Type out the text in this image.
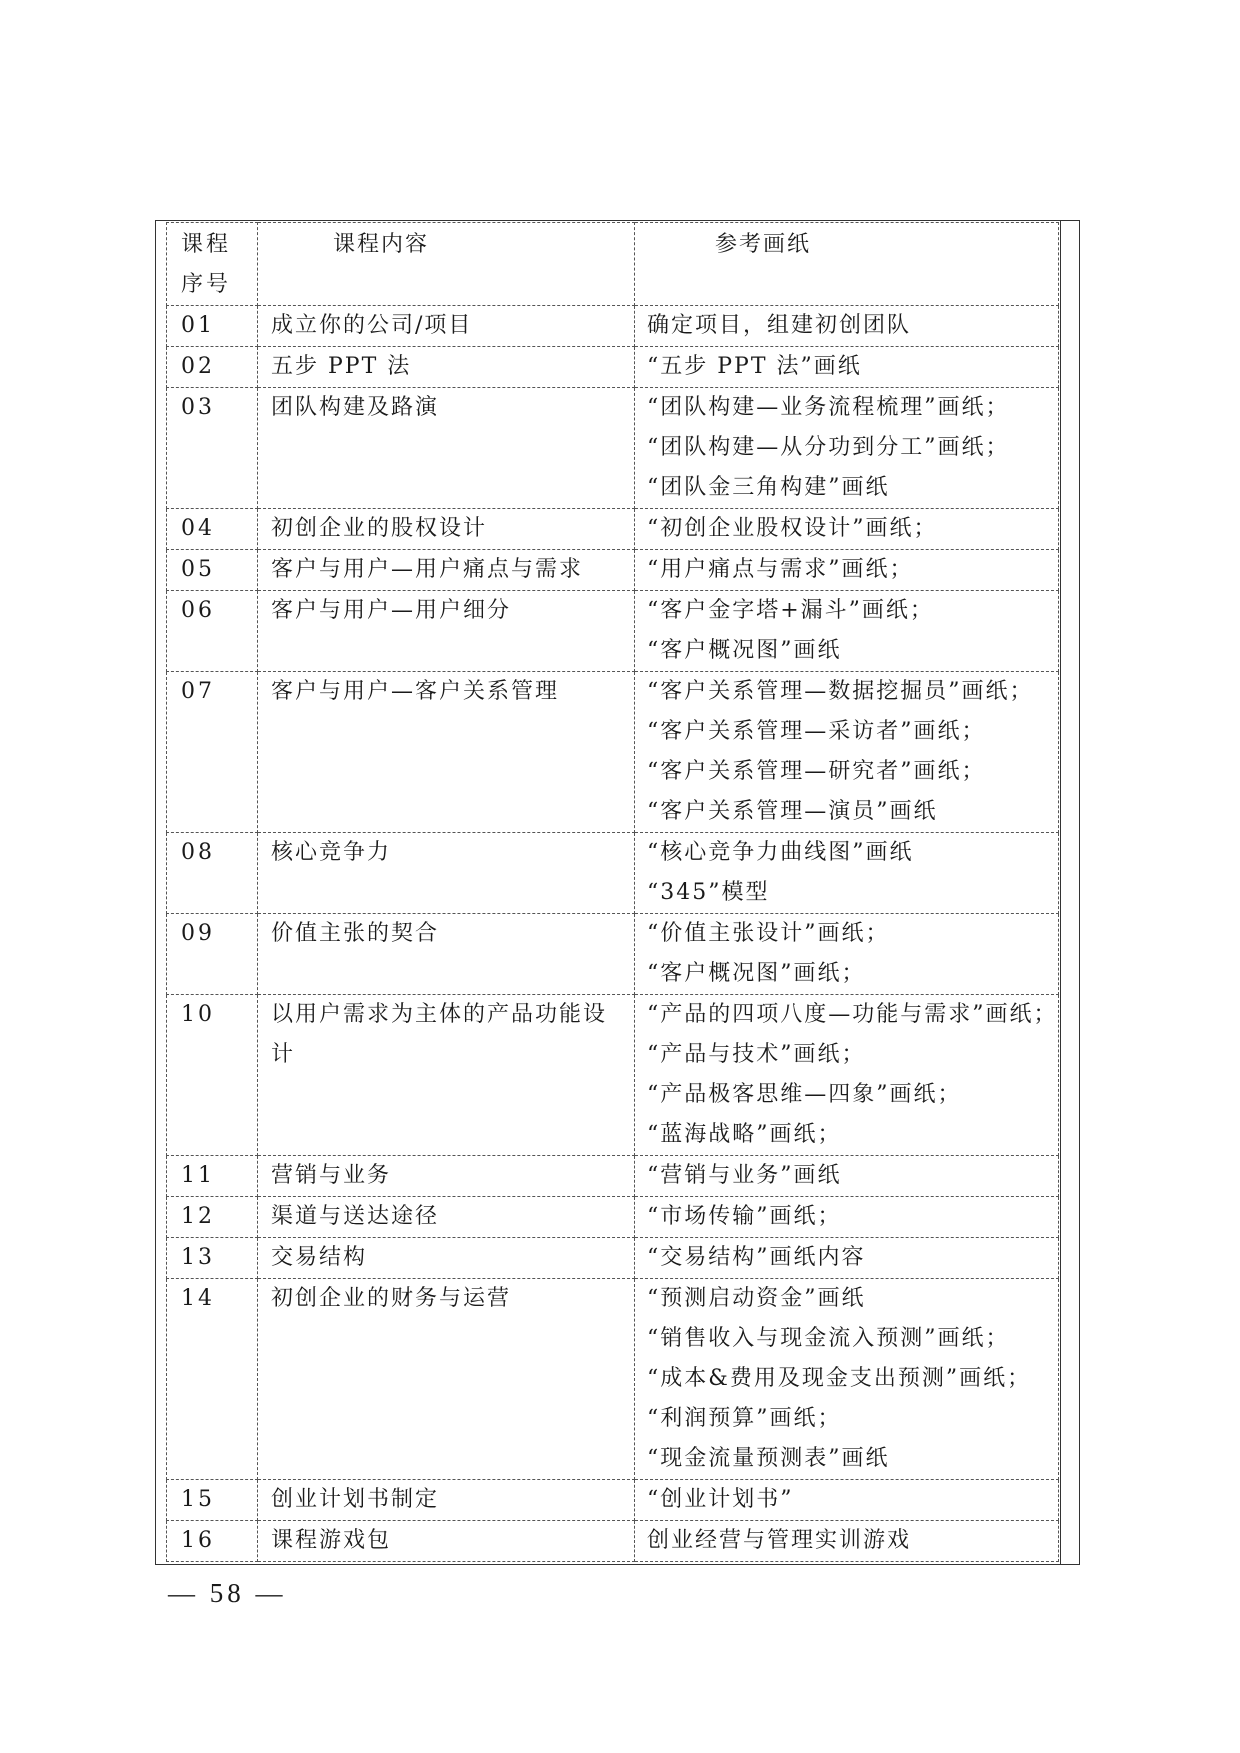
课程
序号	课程内容	参考画纸

01	成立你的公司/项目	确定项目，组建初创团队

02	五步 PPT 法	“五步 PPT 法”画纸

03	团队构建及路演	“团队构建—业务流程梳理”画纸；
“团队构建—从分功到分工”画纸；
“团队金三角构建”画纸

04	初创企业的股权设计	“初创企业股权设计”画纸；

05	客户与用户—用户痛点与需求	“用户痛点与需求”画纸；

06	客户与用户—用户细分	“客户金字塔+漏斗”画纸；
“客户概况图”画纸

07	客户与用户—客户关系管理	“客户关系管理—数据挖掘员”画纸；
“客户关系管理—采访者”画纸；
“客户关系管理—研究者”画纸；
“客户关系管理—演员”画纸

08	核心竞争力	“核心竞争力曲线图”画纸
“345”模型

09	价值主张的契合	“价值主张设计”画纸；
“客户概况图”画纸；

10	以用户需求为主体的产品功能设计	“产品的四项八度—功能与需求”画纸；
“产品与技术”画纸；
“产品极客思维—四象”画纸；
“蓝海战略”画纸；

11	营销与业务	“营销与业务”画纸

12	渠道与送达途径	“市场传输”画纸；

13	交易结构	“交易结构”画纸内容

14	初创企业的财务与运营	“预测启动资金”画纸
“销售收入与现金流入预测”画纸；
“成本&费用及现金支出预测”画纸；
“利润预算”画纸；
“现金流量预测表”画纸

15	创业计划书制定	“创业计划书”

16	课程游戏包	创业经营与管理实训游戏
— 58 —
